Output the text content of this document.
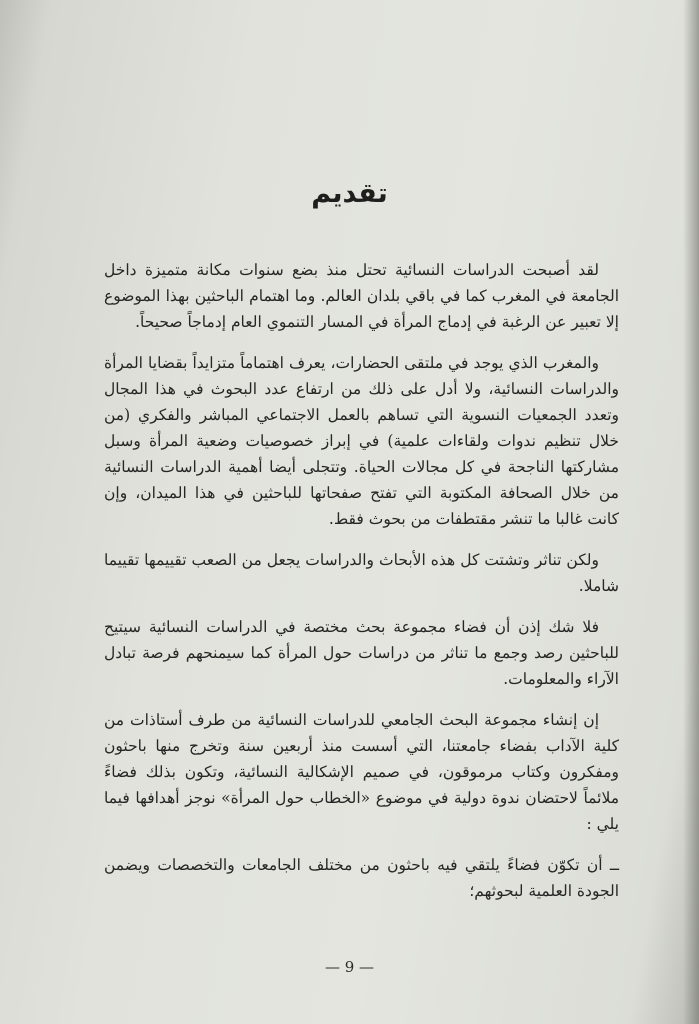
تقديم

لقد أصبحت الدراسات النسائية تحتل منذ بضع سنوات مكانة متميزة داخل الجامعة في المغرب كما في باقي بلدان العالم. وما اهتمام الباحثين بهذا الموضوع إلا تعبير عن الرغبة في إدماج المرأة في المسار التنموي العام إدماجاً صحيحاً.

والمغرب الذي يوجد في ملتقى الحضارات، يعرف اهتماماً متزايداً بقضايا المرأة والدراسات النسائية، ولا أدل على ذلك من ارتفاع عدد البحوث في هذا المجال وتعدد الجمعيات النسوية التي تساهم بالعمل الاجتماعي المباشر والفكري (من خلال تنظيم ندوات ولقاءات علمية) في إبراز خصوصيات وضعية المرأة وسبل مشاركتها الناجحة في كل مجالات الحياة. وتتجلى أيضا أهمية الدراسات النسائية من خلال الصحافة المكتوبة التي تفتح صفحاتها للباحثين في هذا الميدان، وإن كانت غالبا ما تنشر مقتطفات من بحوث فقط.

ولكن تناثر وتشتت كل هذه الأبحاث والدراسات يجعل من الصعب تقييمها تقييما شاملا.

فلا شك إذن أن فضاء مجموعة بحث مختصة في الدراسات النسائية سيتيح للباحثين رصد وجمع ما تناثر من دراسات حول المرأة كما سيمنحهم فرصة تبادل الآراء والمعلومات.

إن إنشاء مجموعة البحث الجامعي للدراسات النسائية من طرف أستاذات من كلية الآداب بفضاء جامعتنا، التي أسست منذ أربعين سنة وتخرج منها باحثون ومفكرون وكتاب مرموقون، في صميم الإشكالية النسائية، وتكون بذلك فضاءً ملائماً لاحتضان ندوة دولية في موضوع «الخطاب حول المرأة» نوجز أهدافها فيما يلي :

ــ أن تكوّن فضاءً يلتقي فيه باحثون من مختلف الجامعات والتخصصات ويضمن الجودة العلمية لبحوثهم؛

— 9 —
